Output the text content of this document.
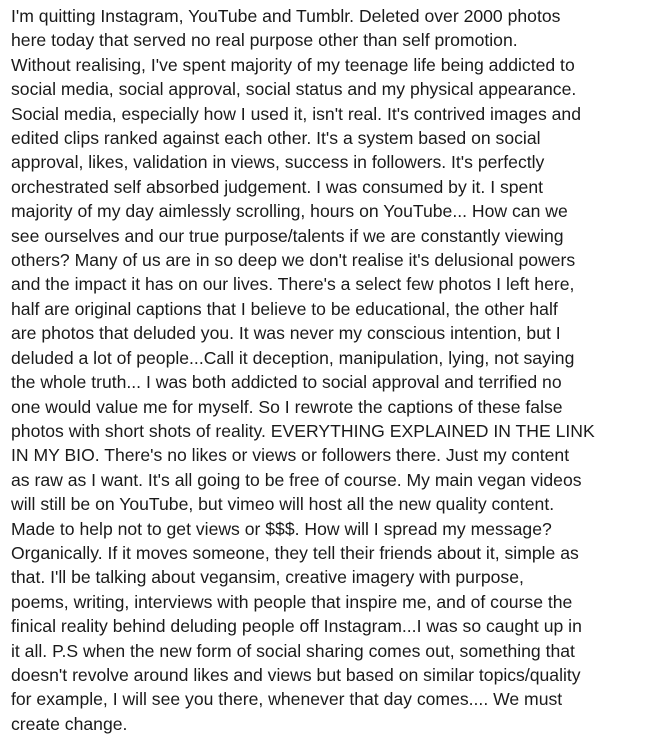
I'm quitting Instagram, YouTube and Tumblr. Deleted over 2000 photos
here today that served no real purpose other than self promotion.
Without realising, I've spent majority of my teenage life being addicted to
social media, social approval, social status and my physical appearance.
Social media, especially how I used it, isn't real. It's contrived images and
edited clips ranked against each other. It's a system based on social
approval, likes, validation in views, success in followers. It's perfectly
orchestrated self absorbed judgement. I was consumed by it. I spent
majority of my day aimlessly scrolling, hours on YouTube... How can we
see ourselves and our true purpose/talents if we are constantly viewing
others? Many of us are in so deep we don't realise it's delusional powers
and the impact it has on our lives. There's a select few photos I left here,
half are original captions that I believe to be educational, the other half
are photos that deluded you. It was never my conscious intention, but I
deluded a lot of people...Call it deception, manipulation, lying, not saying
the whole truth... I was both addicted to social approval and terrified no
one would value me for myself. So I rewrote the captions of these false
photos with short shots of reality. EVERYTHING EXPLAINED IN THE LINK
IN MY BIO. There's no likes or views or followers there. Just my content
as raw as I want. It's all going to be free of course. My main vegan videos
will still be on YouTube, but vimeo will host all the new quality content.
Made to help not to get views or $$$. How will I spread my message?
Organically. If it moves someone, they tell their friends about it, simple as
that. I'll be talking about vegansim, creative imagery with purpose,
poems, writing, interviews with people that inspire me, and of course the
finical reality behind deluding people off Instagram...I was so caught up in
it all. P.S when the new form of social sharing comes out, something that
doesn't revolve around likes and views but based on similar topics/quality
for example, I will see you there, whenever that day comes.... We must
create change.
